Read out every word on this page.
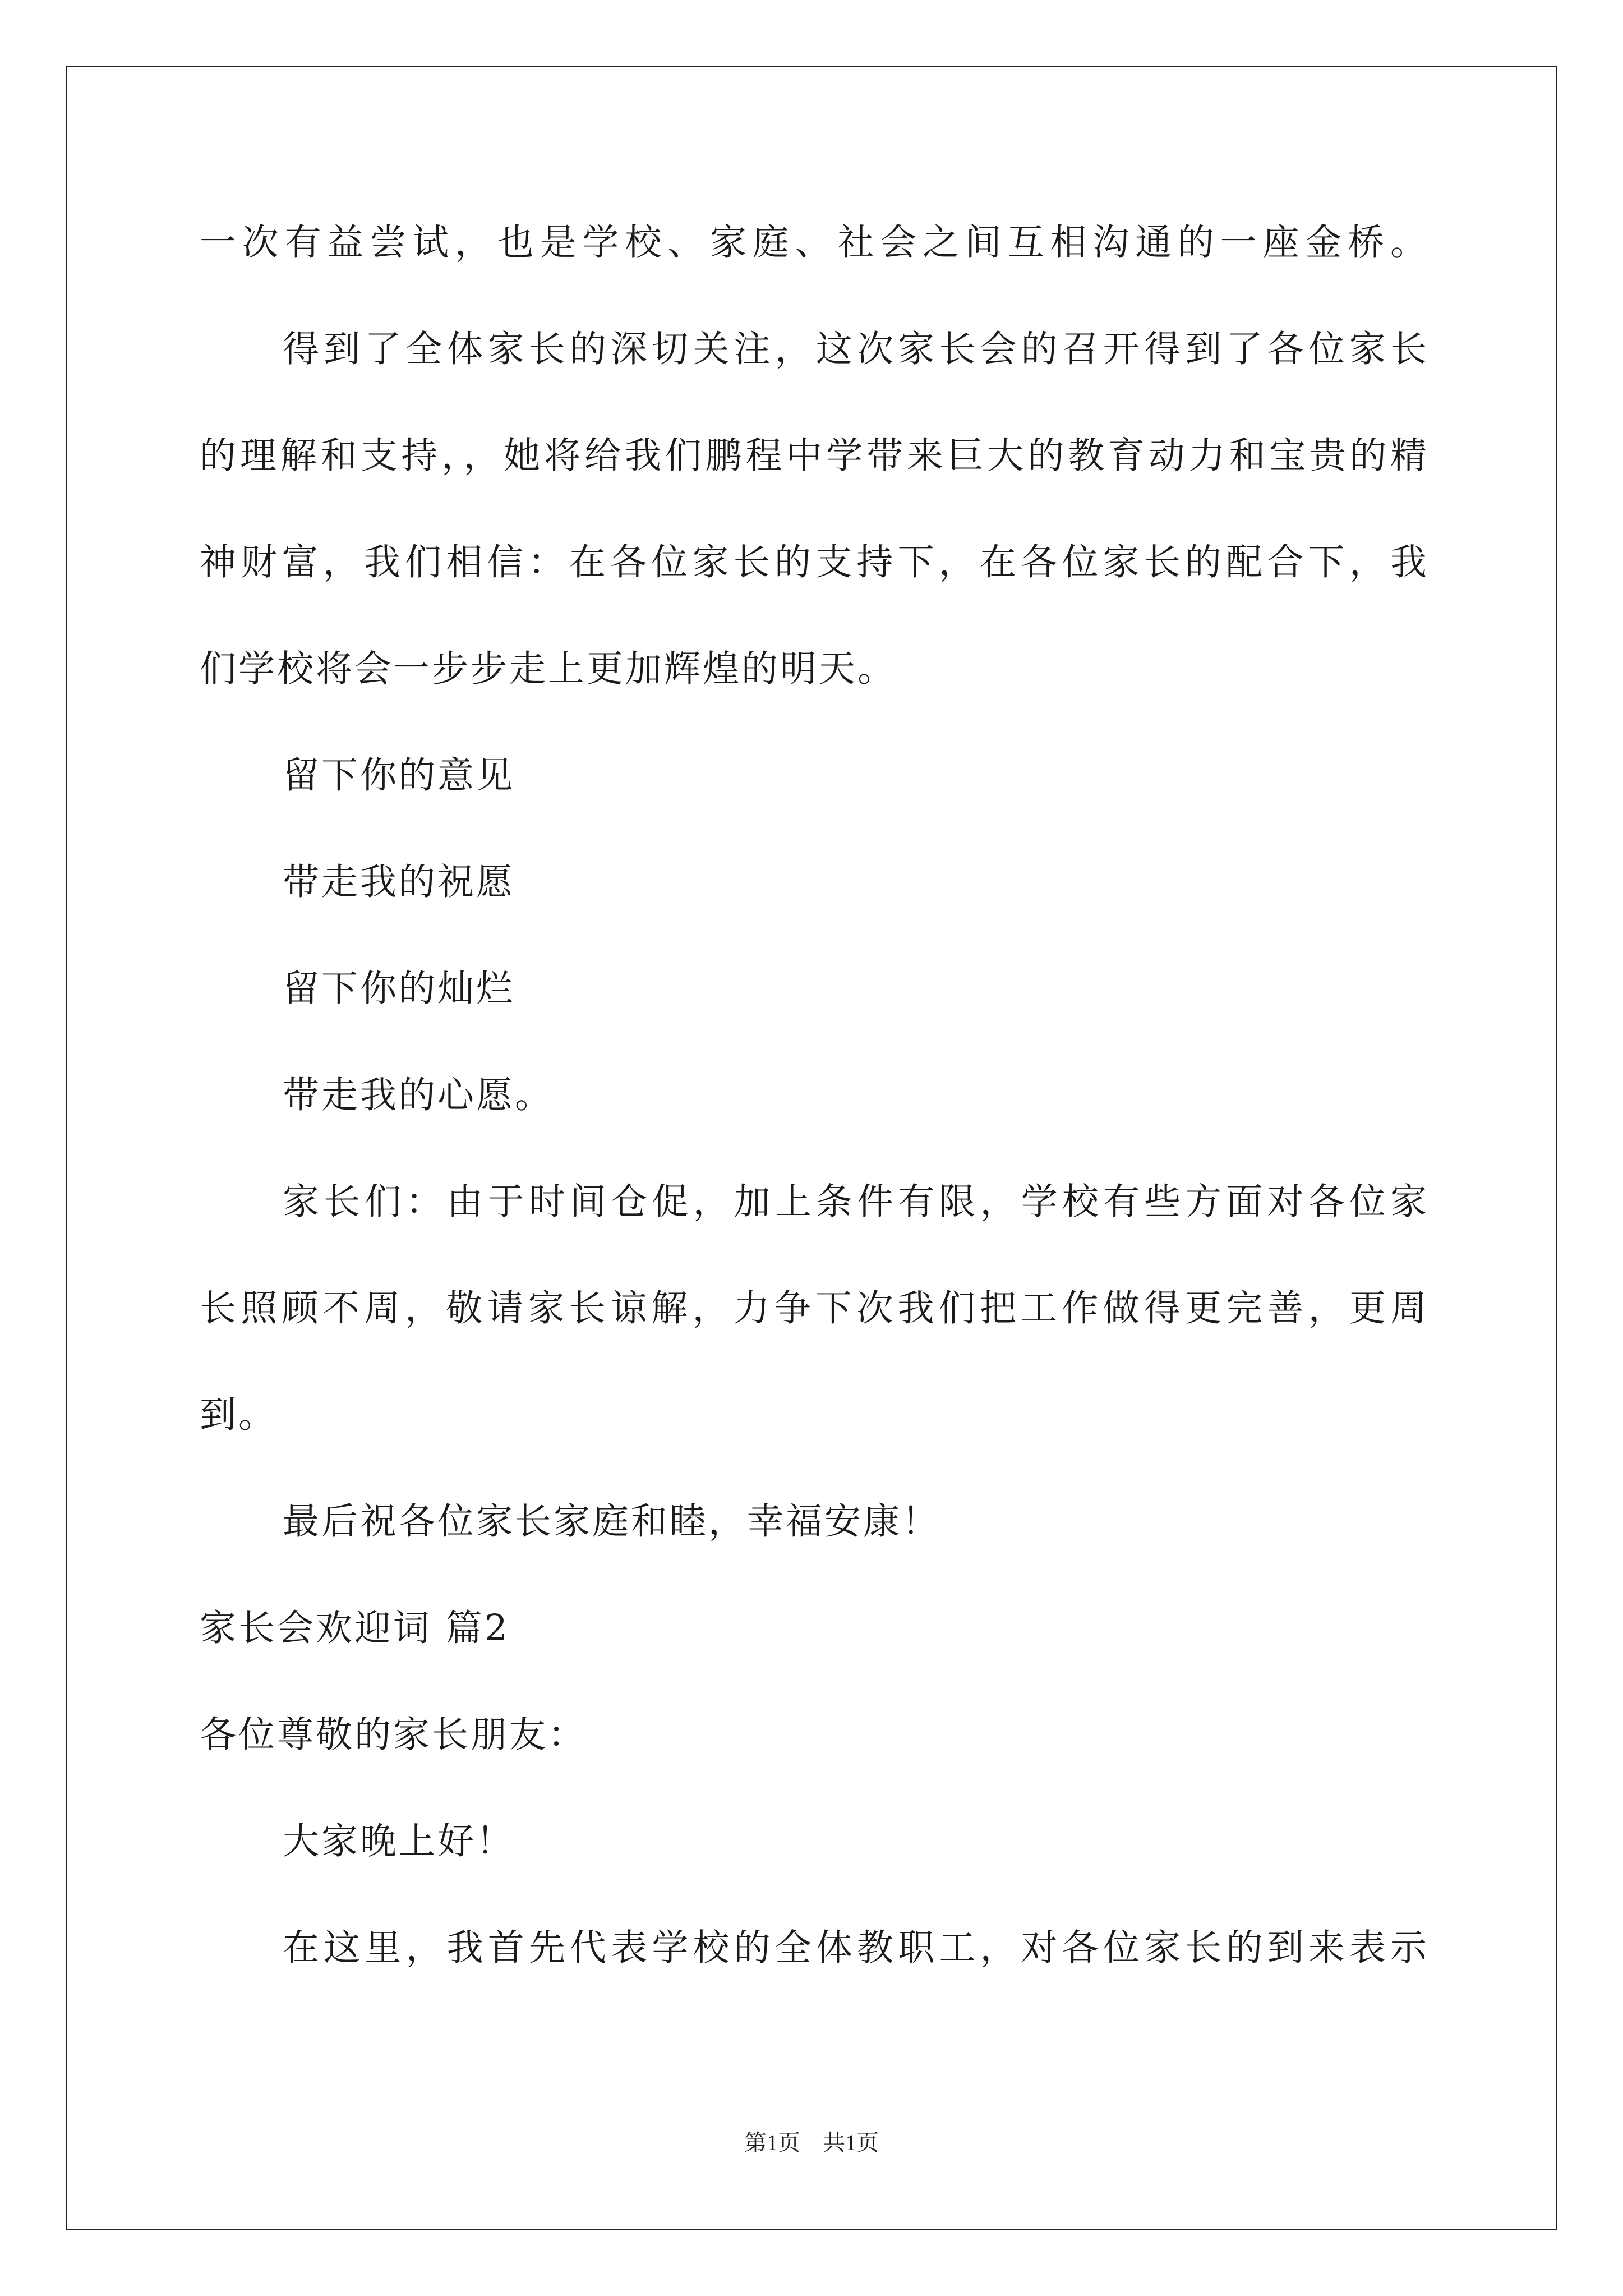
一次有益尝试，也是学校、家庭、社会之间互相沟通的一座金桥。
得到了全体家长的深切关注，这次家长会的召开得到了各位家长
的理解和支持，，她将给我们鹏程中学带来巨大的教育动力和宝贵的精
神财富，我们相信：在各位家长的支持下，在各位家长的配合下，我
们学校将会一步步走上更加辉煌的明天。
留下你的意见
带走我的祝愿
留下你的灿烂
带走我的心愿。
家长们：由于时间仓促，加上条件有限，学校有些方面对各位家
长照顾不周，敬请家长谅解，力争下次我们把工作做得更完善，更周
到。
最后祝各位家长家庭和睦，幸福安康！
家长会欢迎词 篇2
各位尊敬的家长朋友：
大家晚上好！
在这里，我首先代表学校的全体教职工，对各位家长的到来表示
第1页　共1页
